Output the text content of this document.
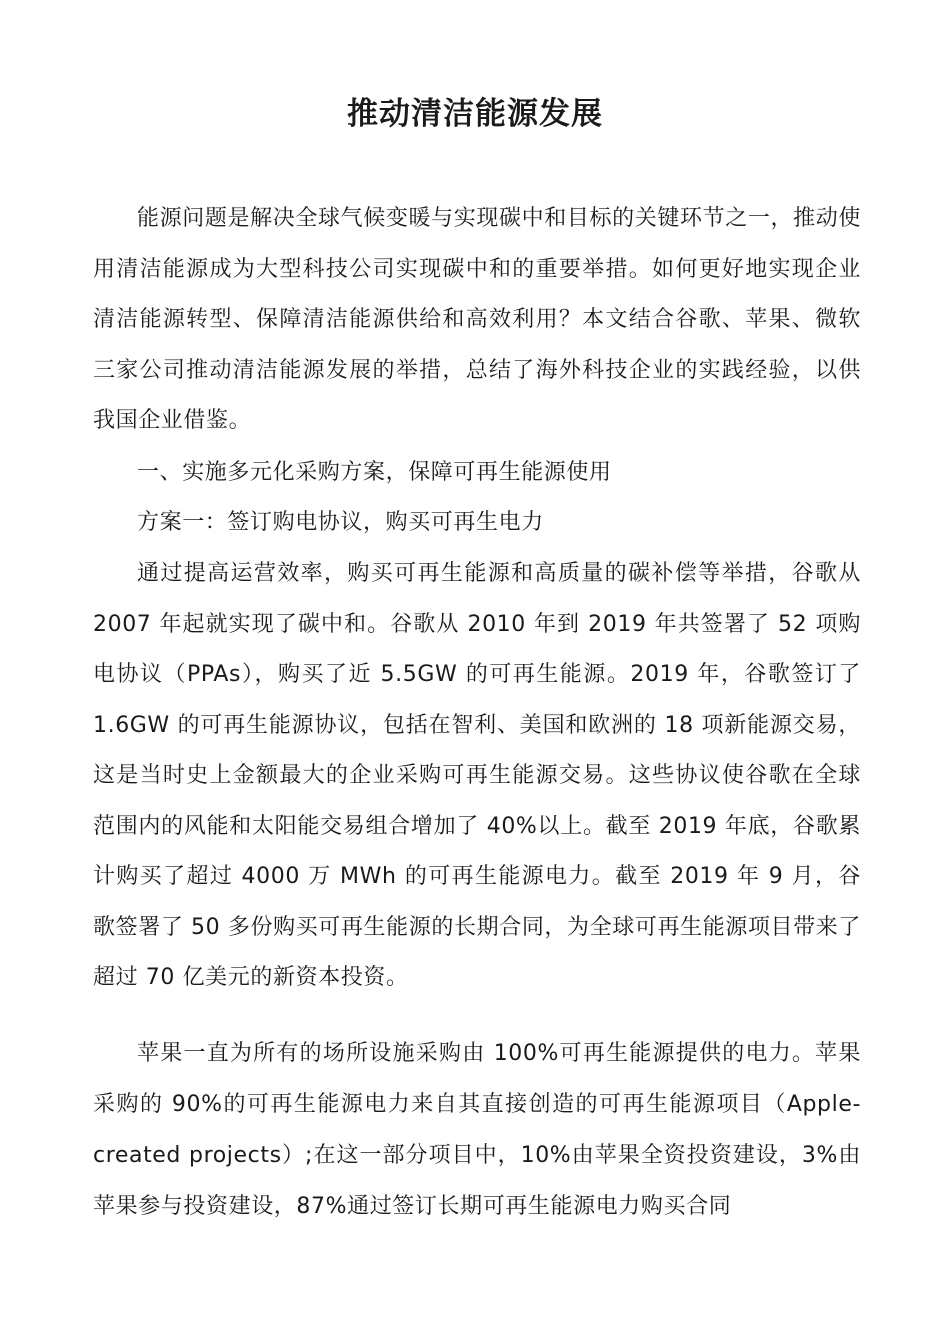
推动清洁能源发展

能源问题是解决全球气候变暖与实现碳中和目标的关键环节之一，推动使用清洁能源成为大型科技公司实现碳中和的重要举措。如何更好地实现企业清洁能源转型、保障清洁能源供给和高效利用？本文结合谷歌、苹果、微软三家公司推动清洁能源发展的举措，总结了海外科技企业的实践经验，以供我国企业借鉴。

一、实施多元化采购方案，保障可再生能源使用

方案一：签订购电协议，购买可再生电力

通过提高运营效率，购买可再生能源和高质量的碳补偿等举措，谷歌从 2007 年起就实现了碳中和。谷歌从 2010 年到 2019 年共签署了 52 项购电协议（PPAs），购买了近 5.5GW 的可再生能源。2019 年，谷歌签订了 1.6GW 的可再生能源协议，包括在智利、美国和欧洲的 18 项新能源交易，这是当时史上金额最大的企业采购可再生能源交易。这些协议使谷歌在全球范围内的风能和太阳能交易组合增加了 40%以上。截至 2019 年底，谷歌累计购买了超过 4000 万 MWh 的可再生能源电力。截至 2019 年 9 月，谷歌签署了 50 多份购买可再生能源的长期合同，为全球可再生能源项目带来了超过 70 亿美元的新资本投资。

苹果一直为所有的场所设施采购由 100%可再生能源提供的电力。苹果采购的 90%的可再生能源电力来自其直接创造的可再生能源项目（Apple-created projects）;在这一部分项目中，10%由苹果全资投资建设，3%由苹果参与投资建设，87%通过签订长期可再生能源电力购买合同
